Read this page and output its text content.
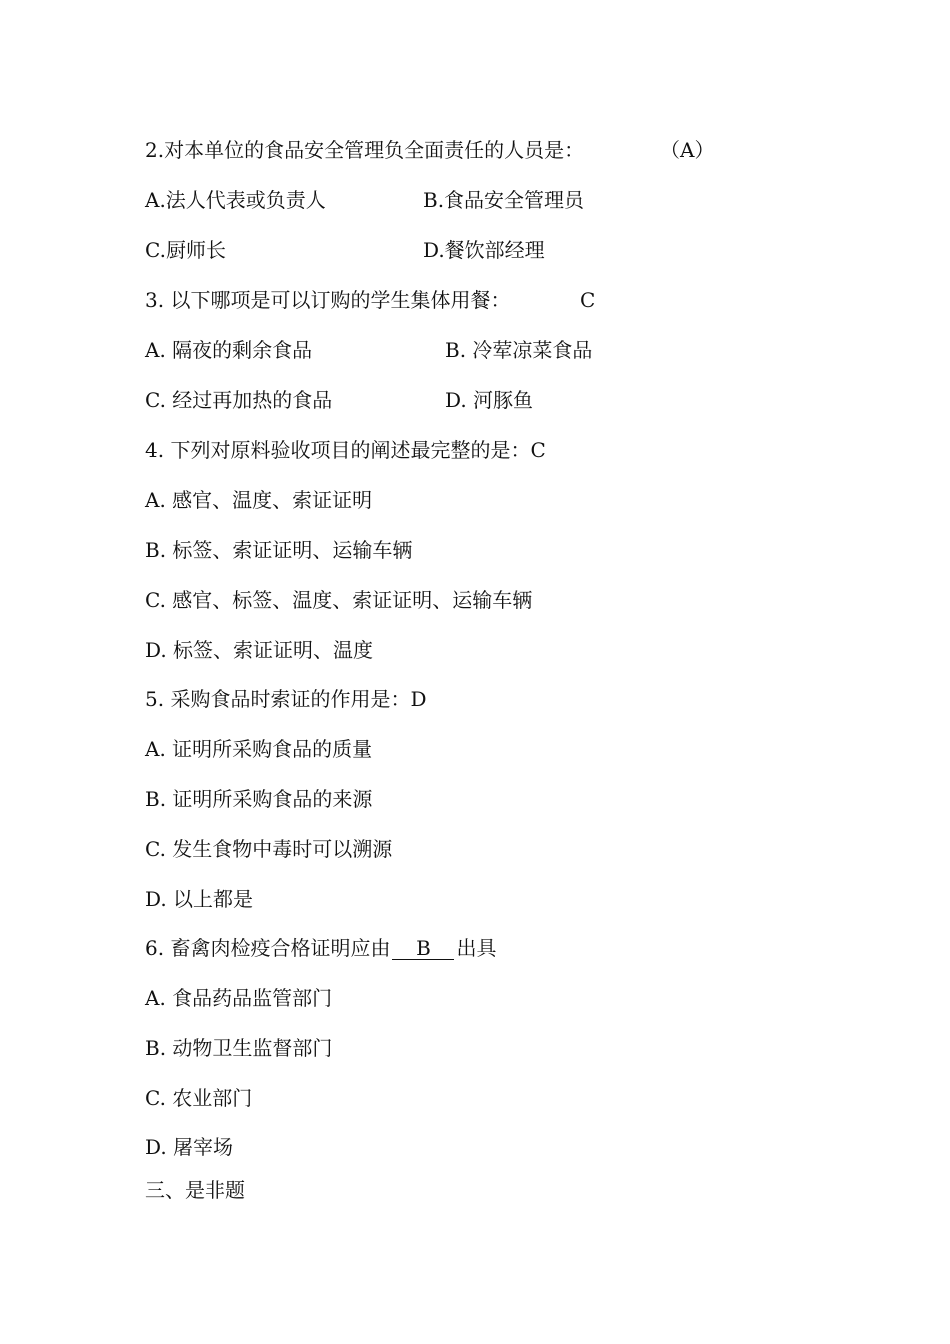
2.对本单位的食品安全管理负全面责任的人员是：	（A）
A.法人代表或负责人	B.食品安全管理员
C.厨师长	D.餐饮部经理
3. 以下哪项是可以订购的学生集体用餐：	C
A. 隔夜的剩余食品	B. 冷荤凉菜食品
C. 经过再加热的食品	D. 河豚鱼
4. 下列对原料验收项目的阐述最完整的是：C
A. 感官、温度、索证证明
B. 标签、索证证明、运输车辆
C. 感官、标签、温度、索证证明、运输车辆
D. 标签、索证证明、温度
5. 采购食品时索证的作用是：D
A. 证明所采购食品的质量
B. 证明所采购食品的来源
C. 发生食物中毒时可以溯源
D. 以上都是
6. 畜禽肉检疫合格证明应由 B 出具
A. 食品药品监管部门
B. 动物卫生监督部门
C. 农业部门
D. 屠宰场
三、是非题
